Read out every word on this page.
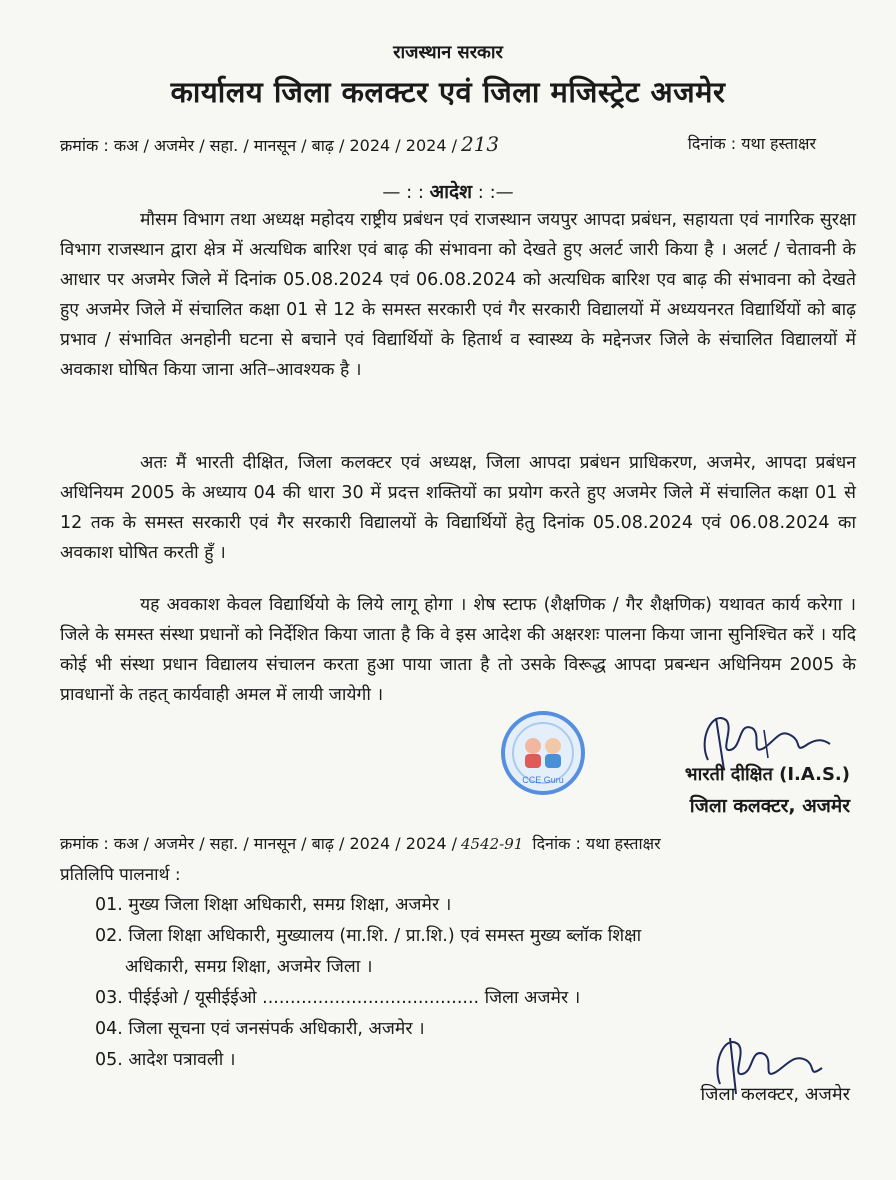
राजस्थान सरकार
कार्यालय जिला कलक्टर एवं जिला मजिस्ट्रेट अजमेर
क्रमांक : कअ / अजमेर / सहा. / मानसून / बाढ़ / 2024 / 2024 / 213	दिनांक : यथा हस्ताक्षर
— : : आदेश : :—

मौसम विभाग तथा अध्यक्ष महोदय राष्ट्रीय प्रबंधन एवं राजस्थान जयपुर आपदा प्रबंधन, सहायता एवं नागरिक सुरक्षा विभाग राजस्थान द्वारा क्षेत्र में अत्यधिक बारिश एवं बाढ़ की संभावना को देखते हुए अलर्ट जारी किया है । अलर्ट / चेतावनी के आधार पर अजमेर जिले में दिनांक 05.08.2024 एवं 06.08.2024 को अत्यधिक बारिश एव बाढ़ की संभावना को देखते हुए अजमेर जिले में संचालित कक्षा 01 से 12 के समस्त सरकारी एवं गैर सरकारी विद्यालयों में अध्ययनरत विद्यार्थियों को बाढ़ प्रभाव / संभावित अनहोनी घटना से बचाने एवं विद्यार्थियों के हितार्थ व स्वास्थ्य के मद्देनजर जिले के संचालित विद्यालयों में अवकाश घोषित किया जाना अति–आवश्यक है ।

अतः मैं भारती दीक्षित, जिला कलक्टर एवं अध्यक्ष, जिला आपदा प्रबंधन प्राधिकरण, अजमेर, आपदा प्रबंधन अधिनियम 2005 के अध्याय 04 की धारा 30 में प्रदत्त शक्तियों का प्रयोग करते हुए अजमेर जिले में संचालित कक्षा 01 से 12 तक के समस्त सरकारी एवं गैर सरकारी विद्यालयों के विद्यार्थियों हेतु दिनांक 05.08.2024 एवं 06.08.2024 का अवकाश घोषित करती हुँ ।

यह अवकाश केवल विद्यार्थियो के लिये लागू होगा । शेष स्टाफ (शैक्षणिक / गैर शैक्षणिक) यथावत कार्य करेगा । जिले के समस्त संस्था प्रधानों को निर्देशित किया जाता है कि वे इस आदेश की अक्षरशः पालना किया जाना सुनिश्चित करें । यदि कोई भी संस्था प्रधान विद्यालय संचालन करता हुआ पाया जाता है तो उसके विरूद्ध आपदा प्रबन्धन अधिनियम 2005 के प्रावधानों के तहत् कार्यवाही अमल में लायी जायेगी ।

भारती दीक्षित (I.A.S.)
जिला कलक्टर, अजमेर
CCE Guru
क्रमांक : कअ / अजमेर / सहा. / मानसून / बाढ़ / 2024 / 2024 / 4542-91 दिनांक : यथा हस्ताक्षर
प्रतिलिपि पालनार्थ :
01. मुख्य जिला शिक्षा अधिकारी, समग्र शिक्षा, अजमेर ।
02. जिला शिक्षा अधिकारी, मुख्यालय (मा.शि. / प्रा.शि.) एवं समस्त मुख्य ब्लॉक शिक्षा
अधिकारी, समग्र शिक्षा, अजमेर जिला ।
03. पीईईओ / यूसीईईओ ....................................... जिला अजमेर ।
04. जिला सूचना एवं जनसंपर्क अधिकारी, अजमेर ।
05. आदेश पत्रावली ।
जिला कलक्टर, अजमेर
